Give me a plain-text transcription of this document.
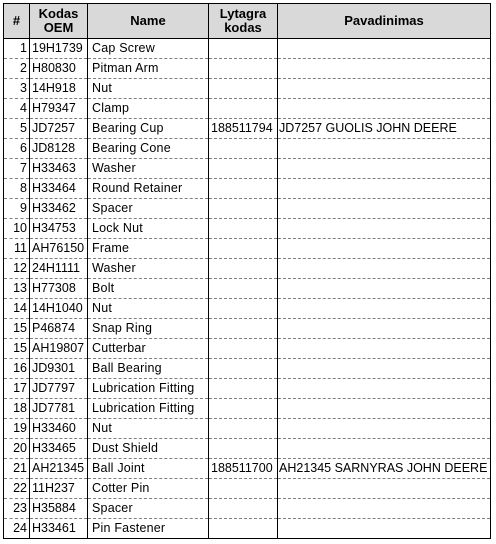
#	Kodas OEM	Name	Lytagra kodas	Pavadinimas
1	19H1739	Cap Screw		
2	H80830	Pitman Arm		
3	14H918	Nut		
4	H79347	Clamp		
5	JD7257	Bearing Cup	188511794	JD7257 GUOLIS JOHN DEERE
6	JD8128	Bearing Cone		
7	H33463	Washer		
8	H33464	Round Retainer		
9	H33462	Spacer		
10	H34753	Lock Nut		
11	AH76150	Frame		
12	24H1111	Washer		
13	H77308	Bolt		
14	14H1040	Nut		
15	P46874	Snap Ring		
15	AH19807	Cutterbar		
16	JD9301	Ball Bearing		
17	JD7797	Lubrication Fitting		
18	JD7781	Lubrication Fitting		
19	H33460	Nut		
20	H33465	Dust Shield		
21	AH21345	Ball Joint	188511700	AH21345 SARNYRAS JOHN DEERE
22	11H237	Cotter Pin		
23	H35884	Spacer		
24	H33461	Pin Fastener		
